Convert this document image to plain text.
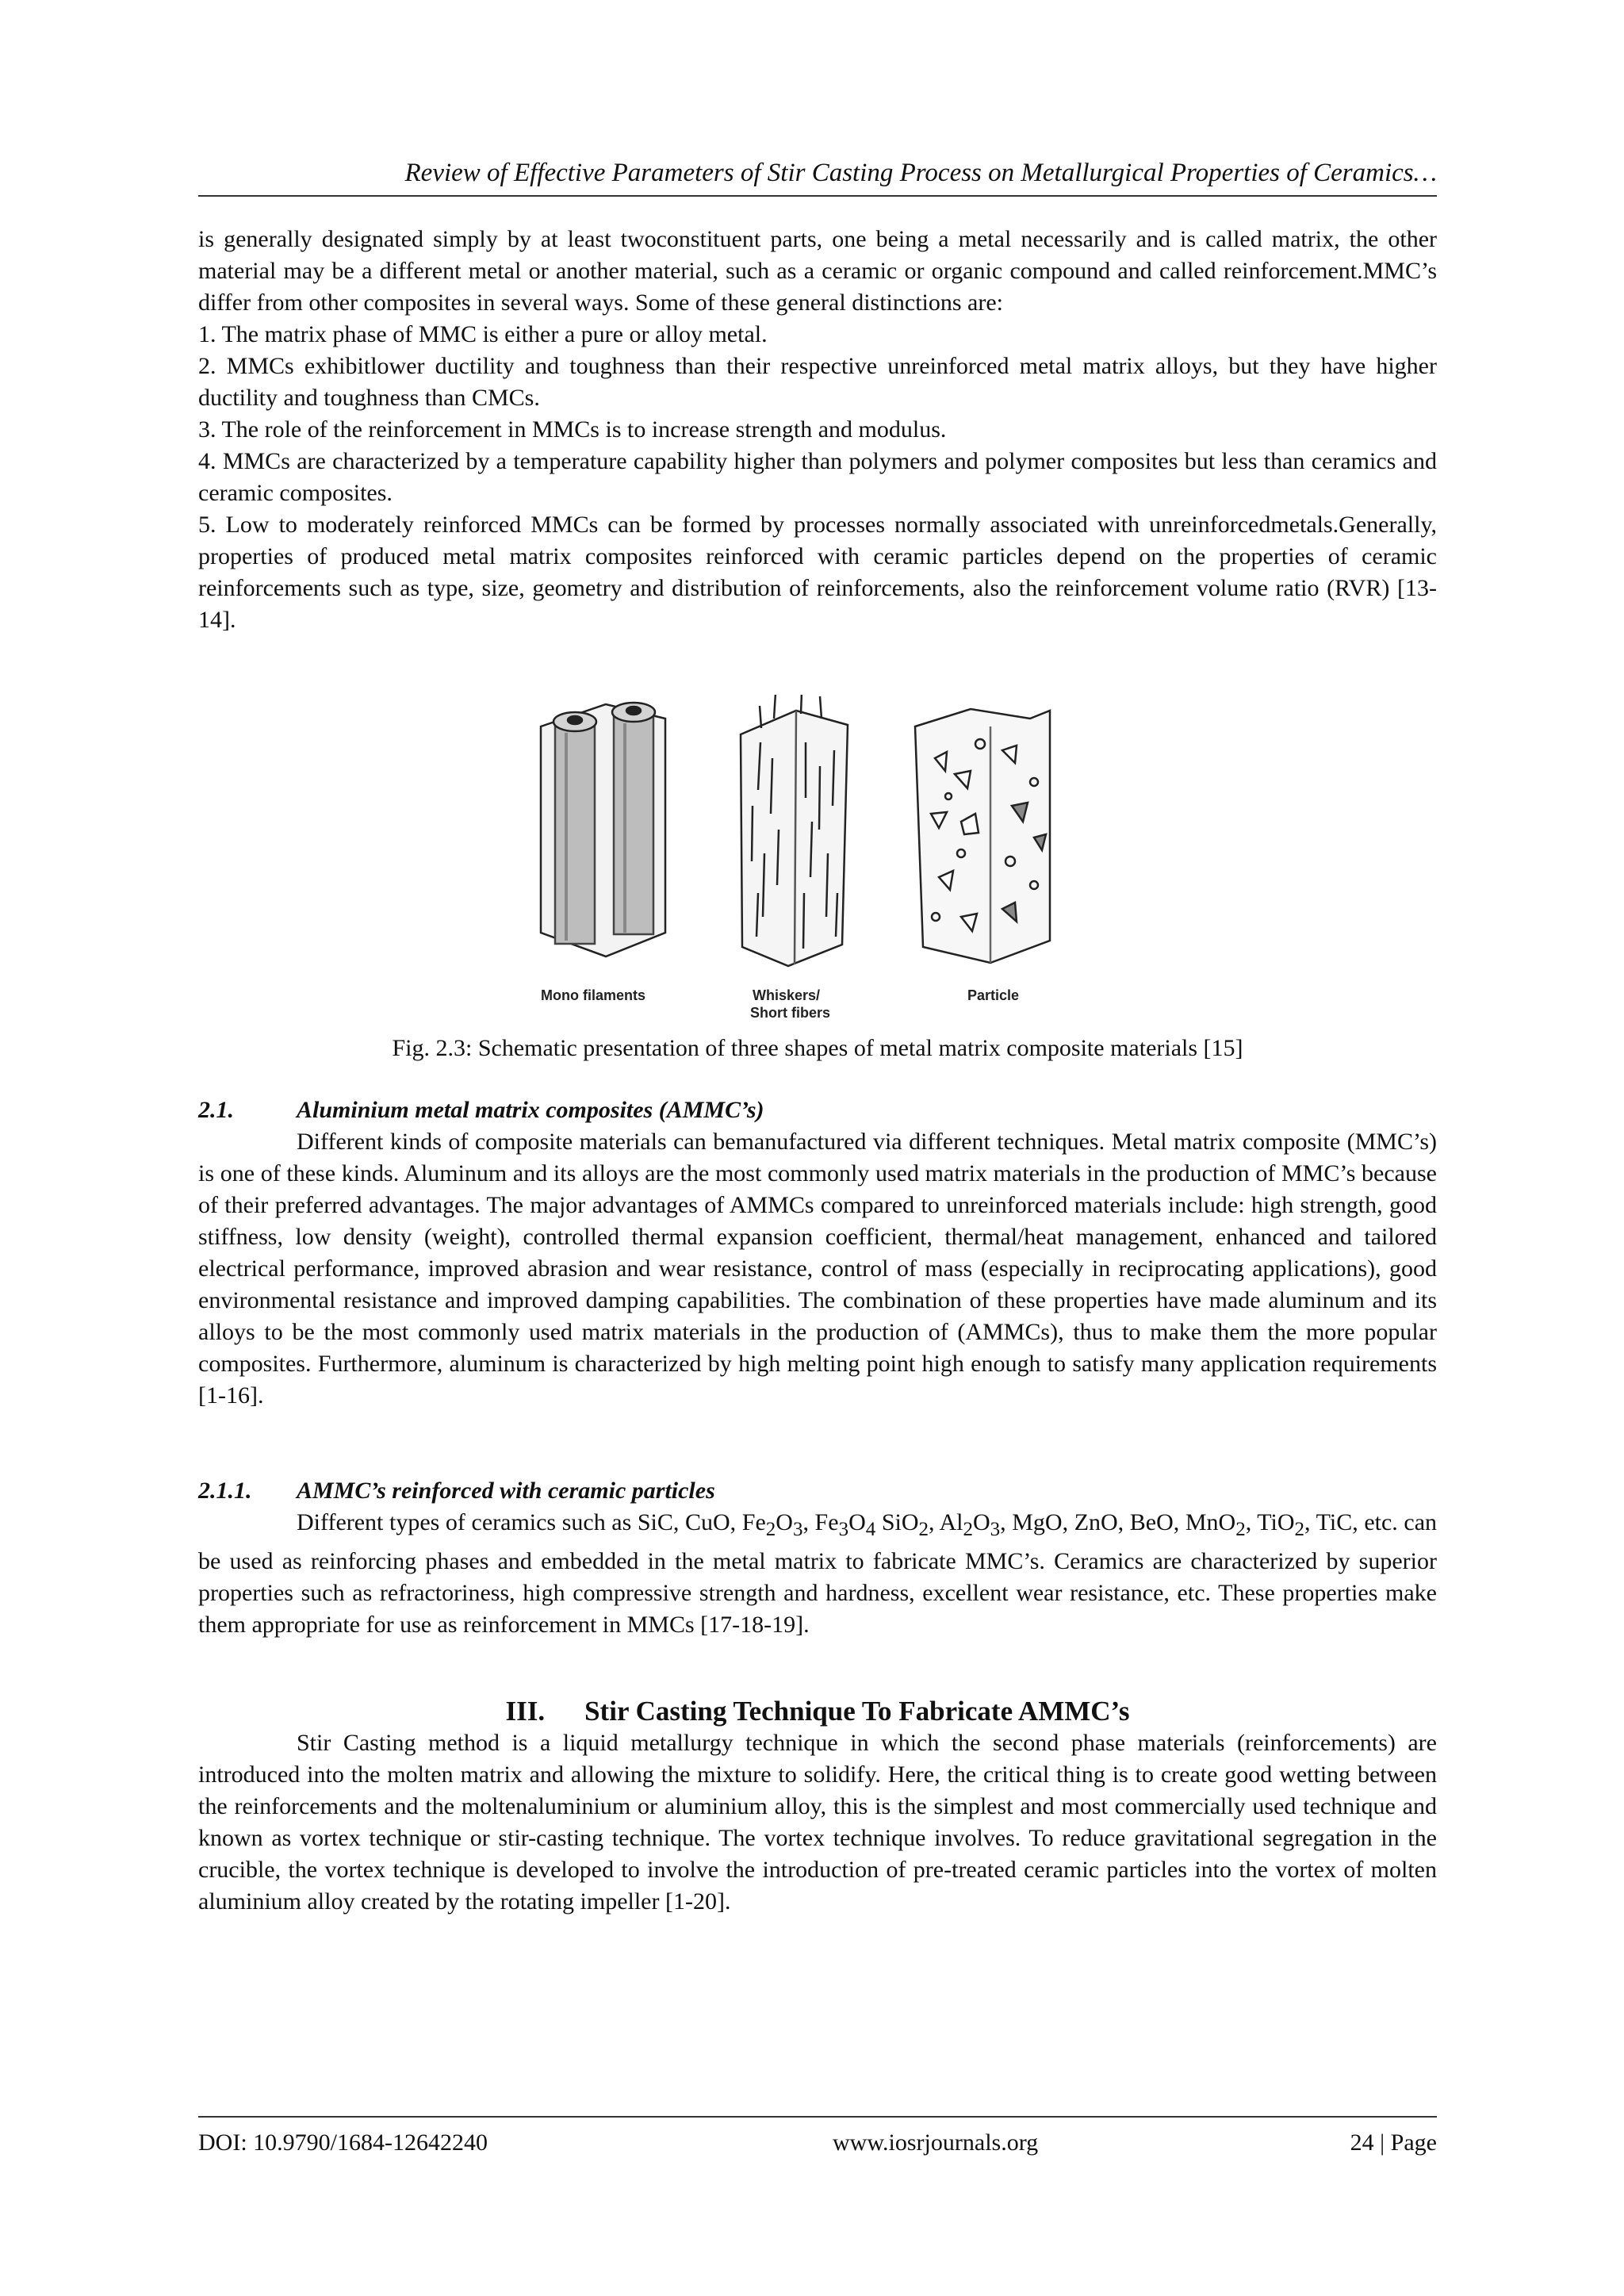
Review of Effective Parameters of Stir Casting Process on Metallurgical Properties of Ceramics…

is generally designated simply by at least twoconstituent parts, one being a metal necessarily and is called matrix, the other material may be a different metal or another material, such as a ceramic or organic compound and called reinforcement.MMC’s differ from other composites in several ways. Some of these general distinctions are:

1. The matrix phase of MMC is either a pure or alloy metal.

2. MMCs exhibitlower ductility and toughness than their respective unreinforced metal matrix alloys, but they have higher ductility and toughness than CMCs.

3. The role of the reinforcement in MMCs is to increase strength and modulus.

4. MMCs are characterized by a temperature capability higher than polymers and polymer composites but less than ceramics and ceramic composites.

5. Low to moderately reinforced MMCs can be formed by processes normally associated with unreinforcedmetals.Generally, properties of produced metal matrix composites reinforced with ceramic particles depend on the properties of ceramic reinforcements such as type, size, geometry and distribution of reinforcements, also the reinforcement volume ratio (RVR) [13-14].

Mono filaments	Whiskers/
Short fibers
Particle
Fig. 2.3: Schematic presentation of three shapes of metal matrix composite materials [15]
2.1.	Aluminium metal matrix composites (AMMC’s)

Different kinds of composite materials can bemanufactured via different techniques. Metal matrix composite (MMC’s) is one of these kinds. Aluminum and its alloys are the most commonly used matrix materials in the production of MMC’s because of their preferred advantages. The major advantages of AMMCs compared to unreinforced materials include: high strength, good stiffness, low density (weight), controlled thermal expansion coefficient, thermal/heat management, enhanced and tailored electrical performance, improved abrasion and wear resistance, control of mass (especially in reciprocating applications), good environmental resistance and improved damping capabilities. The combination of these properties have made aluminum and its alloys to be the most commonly used matrix materials in the production of (AMMCs), thus to make them the more popular composites. Furthermore, aluminum is characterized by high melting point high enough to satisfy many application requirements [1-16].

2.1.1. AMMC’s reinforced with ceramic particles

Different types of ceramics such as SiC, CuO, $Fe_2O_3$, $Fe_3O_4$ SiO$_2$, $Al_2O_3$, MgO, ZnO, BeO, MnO$_2$, TiO$_2$, TiC, etc. can be used as reinforcing phases and embedded in the metal matrix to fabricate MMC’s. Ceramics are characterized by superior properties such as refractoriness, high compressive strength and hardness, excellent wear resistance, etc. These properties make them appropriate for use as reinforcement in MMCs [17-18-19].

III. Stir Casting Technique To Fabricate AMMC’s

Stir Casting method is a liquid metallurgy technique in which the second phase materials (reinforcements) are introduced into the molten matrix and allowing the mixture to solidify. Here, the critical thing is to create good wetting between the reinforcements and the moltenaluminium or aluminium alloy, this is the simplest and most commercially used technique and known as vortex technique or stir-casting technique. The vortex technique involves. To reduce gravitational segregation in the crucible, the vortex technique is developed to involve the introduction of pre-treated ceramic particles into the vortex of molten aluminium alloy created by the rotating impeller [1-20].

DOI: 10.9790/1684-12642240	www.iosrjournals.org	24 | Page
